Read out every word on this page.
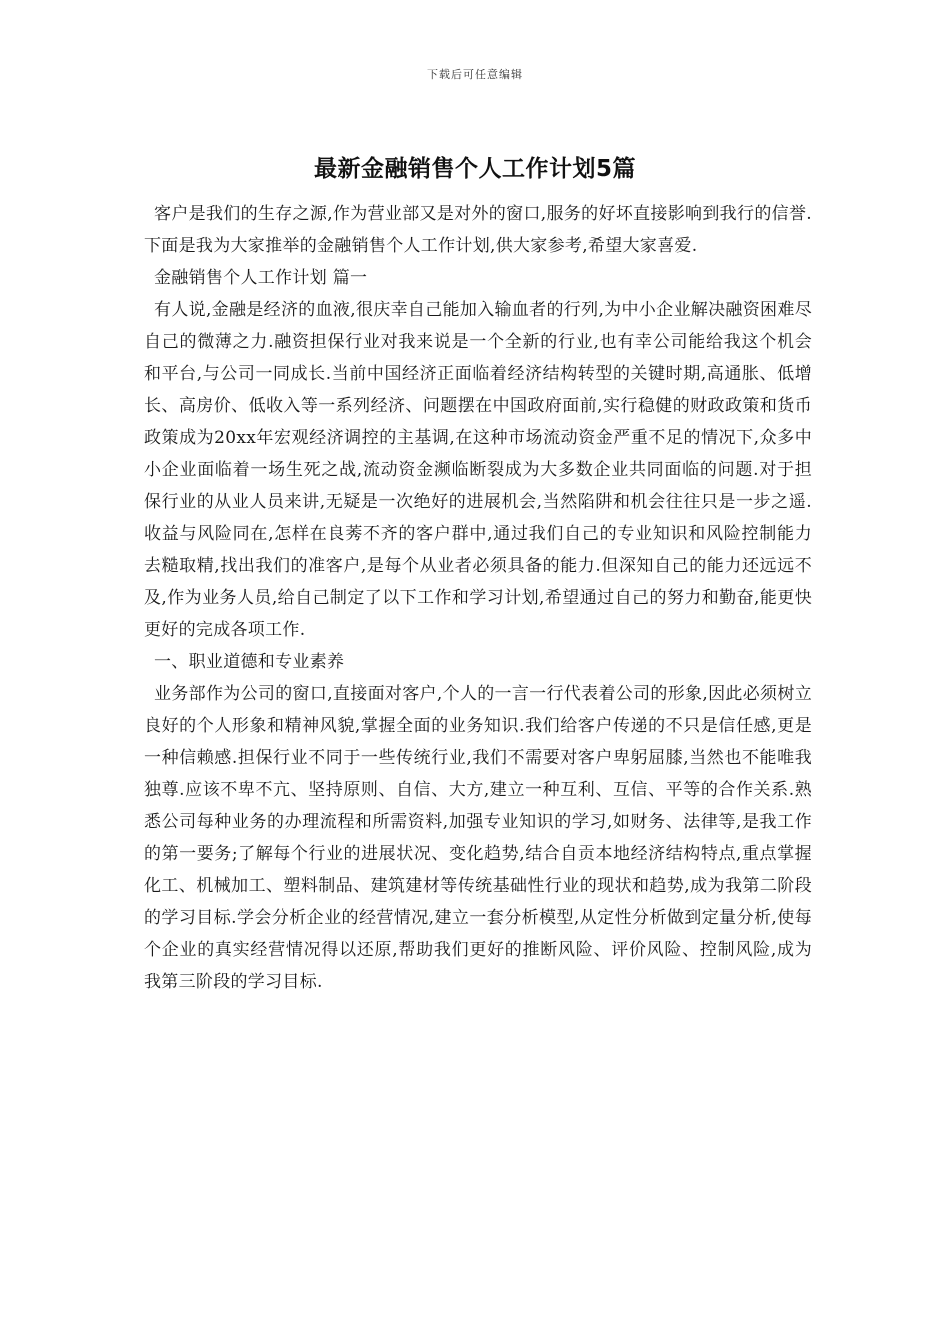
下载后可任意编辑
最新金融销售个人工作计划5篇

客户是我们的生存之源,作为营业部又是对外的窗口,服务的好坏直接影响到我行的信誉.下面是我为大家推举的金融销售个人工作计划,供大家参考,希望大家喜爱.

金融销售个人工作计划 篇一

有人说,金融是经济的血液,很庆幸自己能加入输血者的行列,为中小企业解决融资困难尽自己的微薄之力.融资担保行业对我来说是一个全新的行业,也有幸公司能给我这个机会和平台,与公司一同成长.当前中国经济正面临着经济结构转型的关键时期,高通胀、低增长、高房价、低收入等一系列经济、问题摆在中国政府面前,实行稳健的财政政策和货币政策成为20xx年宏观经济调控的主基调,在这种市场流动资金严重不足的情况下,众多中小企业面临着一场生死之战,流动资金濒临断裂成为大多数企业共同面临的问题.对于担保行业的从业人员来讲,无疑是一次绝好的进展机会,当然陷阱和机会往往只是一步之遥.收益与风险同在,怎样在良莠不齐的客户群中,通过我们自己的专业知识和风险控制能力去糙取精,找出我们的准客户,是每个从业者必须具备的能力.但深知自己的能力还远远不及,作为业务人员,给自己制定了以下工作和学习计划,希望通过自己的努力和勤奋,能更快更好的完成各项工作.

一、职业道德和专业素养

业务部作为公司的窗口,直接面对客户,个人的一言一行代表着公司的形象,因此必须树立良好的个人形象和精神风貌,掌握全面的业务知识.我们给客户传递的不只是信任感,更是一种信赖感.担保行业不同于一些传统行业,我们不需要对客户卑躬屈膝,当然也不能唯我独尊.应该不卑不亢、坚持原则、自信、大方,建立一种互利、互信、平等的合作关系.熟悉公司每种业务的办理流程和所需资料,加强专业知识的学习,如财务、法律等,是我工作的第一要务;了解每个行业的进展状况、变化趋势,结合自贡本地经济结构特点,重点掌握化工、机械加工、塑料制品、建筑建材等传统基础性行业的现状和趋势,成为我第二阶段的学习目标.学会分析企业的经营情况,建立一套分析模型,从定性分析做到定量分析,使每个企业的真实经营情况得以还原,帮助我们更好的推断风险、评价风险、控制风险,成为我第三阶段的学习目标.
